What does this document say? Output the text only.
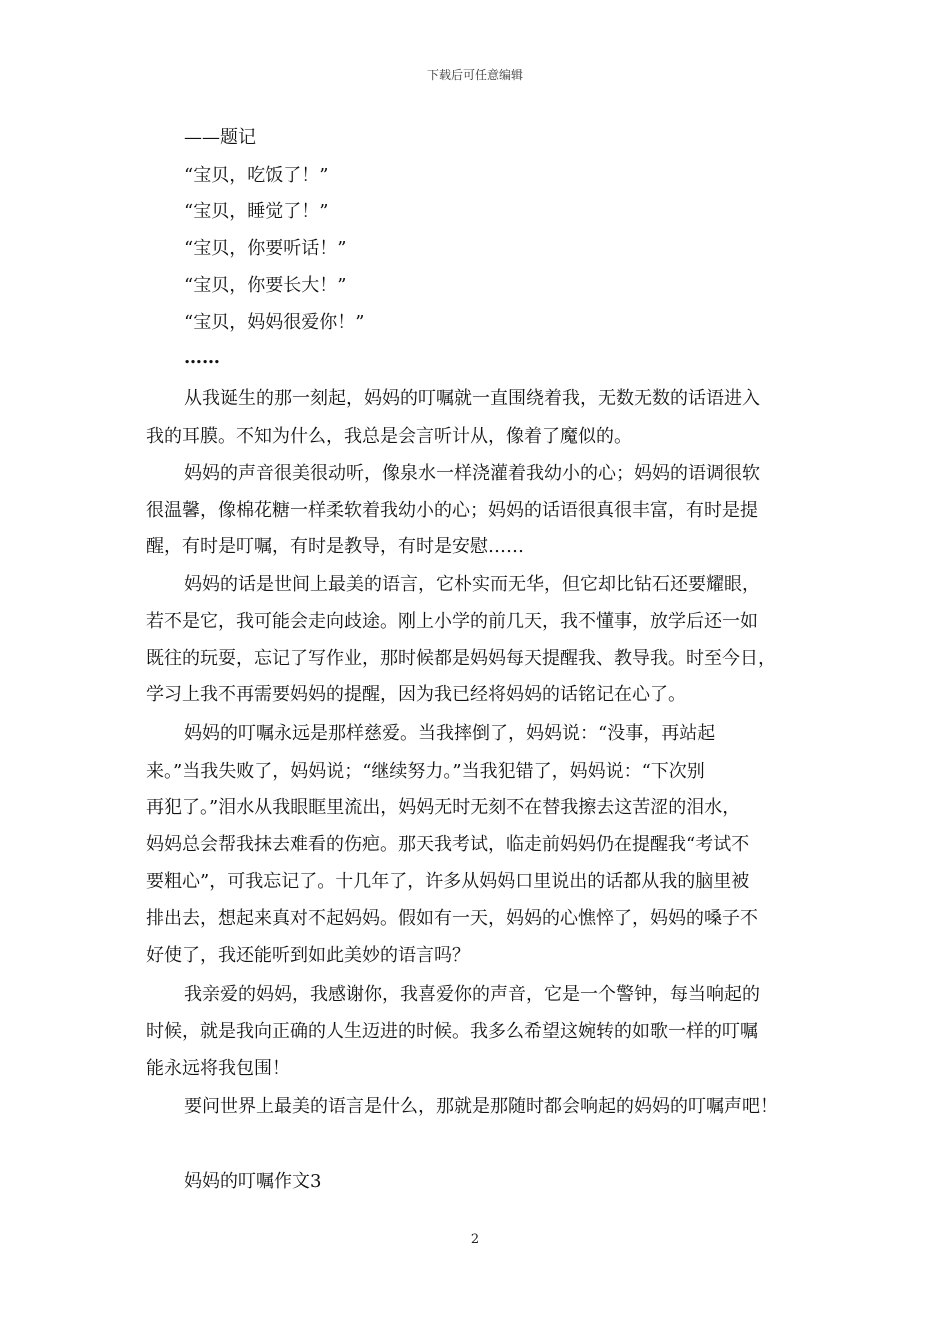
下载后可任意编辑
——题记
“宝贝，吃饭了！”
“宝贝，睡觉了！”
“宝贝，你要听话！”
“宝贝，你要长大！”
“宝贝，妈妈很爱你！”
……
从我诞生的那一刻起，妈妈的叮嘱就一直围绕着我，无数无数的话语进入
我的耳膜。不知为什么，我总是会言听计从，像着了魔似的。
妈妈的声音很美很动听，像泉水一样浇灌着我幼小的心；妈妈的语调很软
很温馨，像棉花糖一样柔软着我幼小的心；妈妈的话语很真很丰富，有时是提
醒，有时是叮嘱，有时是教导，有时是安慰……
妈妈的话是世间上最美的语言，它朴实而无华，但它却比钻石还要耀眼，
若不是它，我可能会走向歧途。刚上小学的前几天，我不懂事，放学后还一如
既往的玩耍，忘记了写作业，那时候都是妈妈每天提醒我、教导我。时至今日，
学习上我不再需要妈妈的提醒，因为我已经将妈妈的话铭记在心了。
妈妈的叮嘱永远是那样慈爱。当我摔倒了，妈妈说：“没事，再站起
来。”当我失败了，妈妈说；“继续努力。”当我犯错了，妈妈说：“下次别
再犯了。”泪水从我眼眶里流出，妈妈无时无刻不在替我擦去这苦涩的泪水，
妈妈总会帮我抹去难看的伤疤。那天我考试，临走前妈妈仍在提醒我“考试不
要粗心”，可我忘记了。十几年了，许多从妈妈口里说出的话都从我的脑里被
排出去，想起来真对不起妈妈。假如有一天，妈妈的心憔悴了，妈妈的嗓子不
好使了，我还能听到如此美妙的语言吗？
我亲爱的妈妈，我感谢你，我喜爱你的声音，它是一个警钟，每当响起的
时候，就是我向正确的人生迈进的时候。我多么希望这婉转的如歌一样的叮嘱
能永远将我包围！
要问世界上最美的语言是什么，那就是那随时都会响起的妈妈的叮嘱声吧！
妈妈的叮嘱作文3
2
